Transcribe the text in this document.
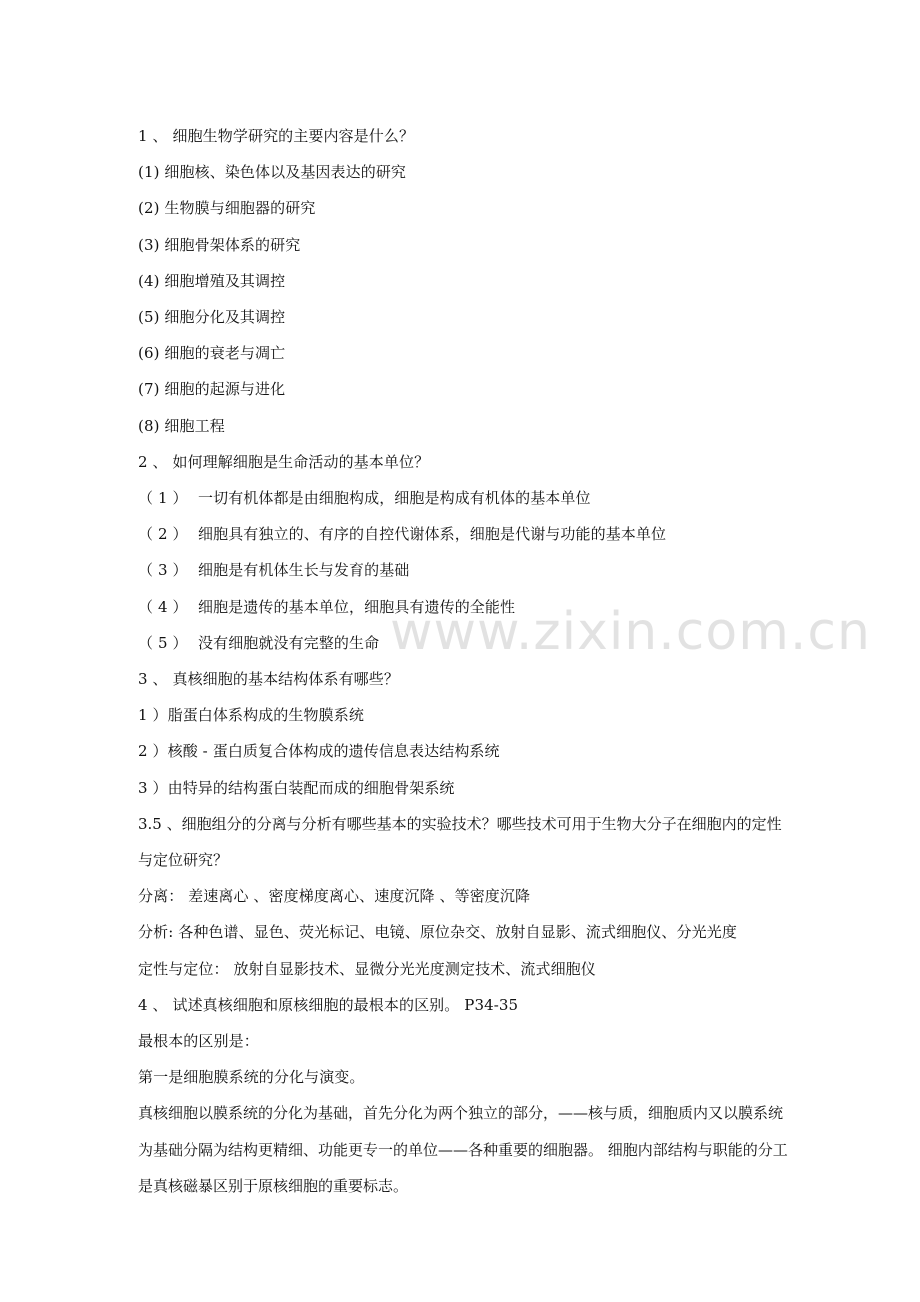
www.zixin.com.cn
1 、 细胞生物学研究的主要内容是什么？
(1) 细胞核、染色体以及基因表达的研究
(2) 生物膜与细胞器的研究
(3) 细胞骨架体系的研究
(4) 细胞增殖及其调控
(5) 细胞分化及其调控
(6) 细胞的衰老与凋亡
(7) 细胞的起源与进化
(8) 细胞工程
2 、 如何理解细胞是生命活动的基本单位？
（ 1 ） 一切有机体都是由细胞构成，细胞是构成有机体的基本单位
（ 2 ） 细胞具有独立的、有序的自控代谢体系，细胞是代谢与功能的基本单位
（ 3 ） 细胞是有机体生长与发育的基础
（ 4 ） 细胞是遗传的基本单位，细胞具有遗传的全能性
（ 5 ） 没有细胞就没有完整的生命
3 、 真核细胞的基本结构体系有哪些？
1 ）脂蛋白体系构成的生物膜系统
2 ）核酸 - 蛋白质复合体构成的遗传信息表达结构系统
3 ）由特异的结构蛋白装配而成的细胞骨架系统
3.5 、细胞组分的分离与分析有哪些基本的实验技术？哪些技术可用于生物大分子在细胞内的定性与定位研究？
分离： 差速离心 、密度梯度离心、速度沉降 、等密度沉降
分析: 各种色谱、显色、荧光标记、电镜、原位杂交、放射自显影、流式细胞仪、分光光度
定性与定位： 放射自显影技术、显微分光光度测定技术、流式细胞仪
4 、 试述真核细胞和原核细胞的最根本的区别。 P34-35
最根本的区别是：
第一是细胞膜系统的分化与演变。
真核细胞以膜系统的分化为基础，首先分化为两个独立的部分，——核与质，细胞质内又以膜系统为基础分隔为结构更精细、功能更专一的单位——各种重要的细胞器。 细胞内部结构与职能的分工是真核磁暴区别于原核细胞的重要标志。
